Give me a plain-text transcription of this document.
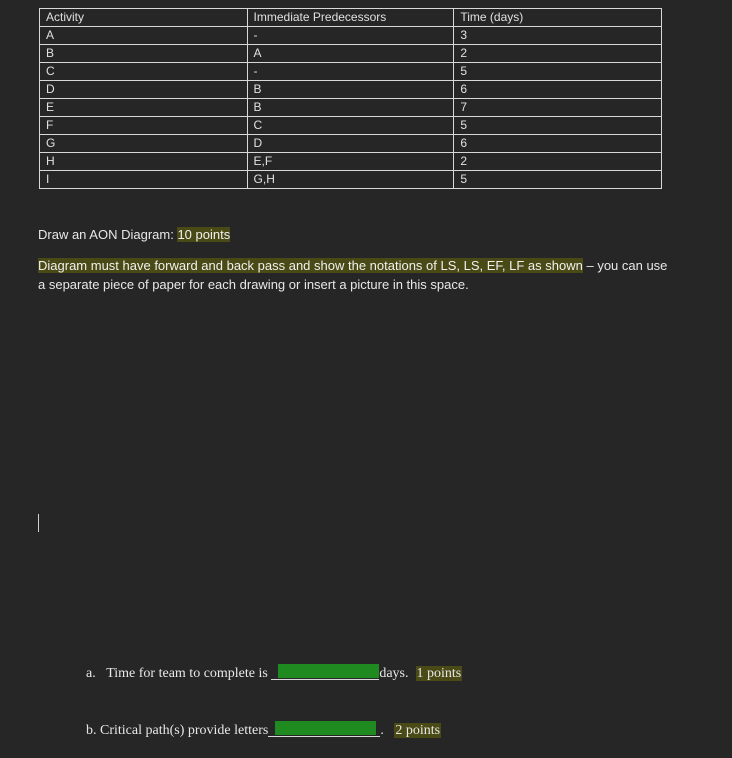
Activity	Immediate Predecessors	Time (days)
A	-	3
B	A	2
C	-	5
D	B	6
E	B	7
F	C	5
G	D	6
H	E,F	2
I	G,H	5
Draw an AON Diagram: 10 points
Diagram must have forward and back pass and show the notations of LS, LS, EF, LF as shown – you can use a separate piece of paper for each drawing or insert a picture in this space.
a. Time for team to complete is	days. 1 points
b. Critical path(s) provide letters	. 2 points
